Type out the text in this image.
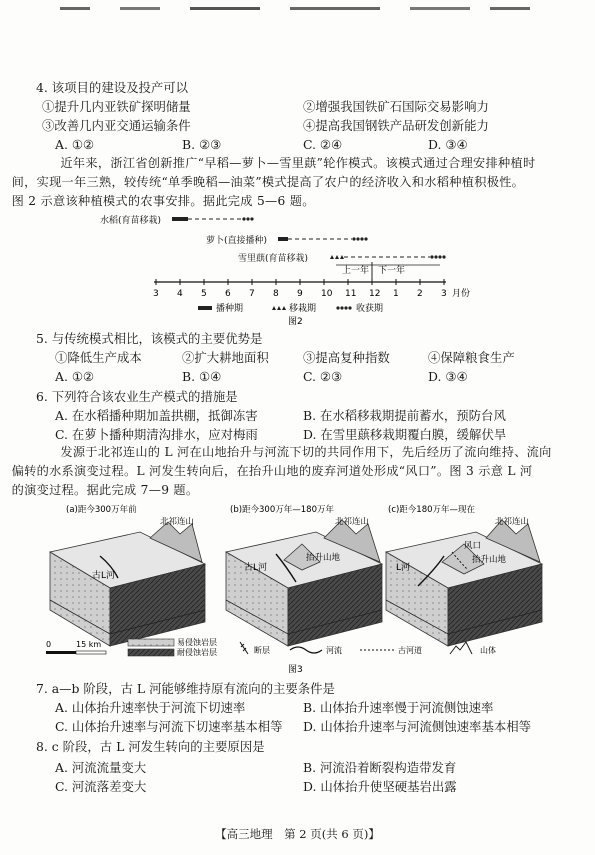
4. 该项目的建设及投产可以
①提升几内亚铁矿探明储量	②增强我国铁矿石国际交易影响力
③改善几内亚交通运输条件	④提高我国钢铁产品研发创新能力
A. ①②	B. ②③	C. ②④	D. ③④
近年来，浙江省创新推广“早稻—萝卜—雪里蕻”轮作模式。该模式通过合理安排种植时
间，实现一年三熟，较传统“单季晚稻—油菜”模式提高了农户的经济收入和水稻种植积极性。
图 2 示意该种植模式的农事安排。据此完成 5—6 题。
水稻(育苗移栽)
萝卜(直接播种)
雪里蕻(育苗移栽)
上一年 下一年
3 4 5 6 7 8 9 10 11 12 1 2 3 月份
播种期	移栽期	收获期
图2
5. 与传统模式相比，该模式的主要优势是
①降低生产成本	②扩大耕地面积	③提高复种指数	④保障粮食生产
A. ①②	B. ①④	C. ②③	D. ③④
6. 下列符合该农业生产模式的措施是
A. 在水稻播种期加盖拱棚，抵御冻害	B. 在水稻移栽期提前蓄水，预防台风
C. 在萝卜播种期清沟排水，应对梅雨	D. 在雪里蕻移栽期覆白膜，缓解伏旱
发源于北祁连山的 L 河在山地抬升与河流下切的共同作用下，先后经历了流向维持、流向
偏转的水系演变过程。L 河发生转向后，在抬升山地的废弃河道处形成“风口”。图 3 示意 L 河
的演变过程。据此完成 7—9 题。
(a)距今300万年前
北祁连山
古L河
(b)距今300万年—180万年
北祁连山
古L河
抬升山地
(c)距今180万年—现在
北祁连山
L河
风口
抬升山地
0	15 km	易侵蚀岩层
耐侵蚀岩层	断层	河流	古河道	山体
图3
7. a—b 阶段，古 L 河能够维持原有流向的主要条件是
A. 山体抬升速率快于河流下切速率	B. 山体抬升速率慢于河流侧蚀速率
C. 山体抬升速率与河流下切速率基本相等 D. 山体抬升速率与河流侧蚀速率基本相等
8. c 阶段，古 L 河发生转向的主要原因是
A. 河流流量变大	B. 河流沿着断裂构造带发育
C. 河流落差变大	D. 山体抬升使坚硬基岩出露
【高三地理　第 2 页(共 6 页)】
